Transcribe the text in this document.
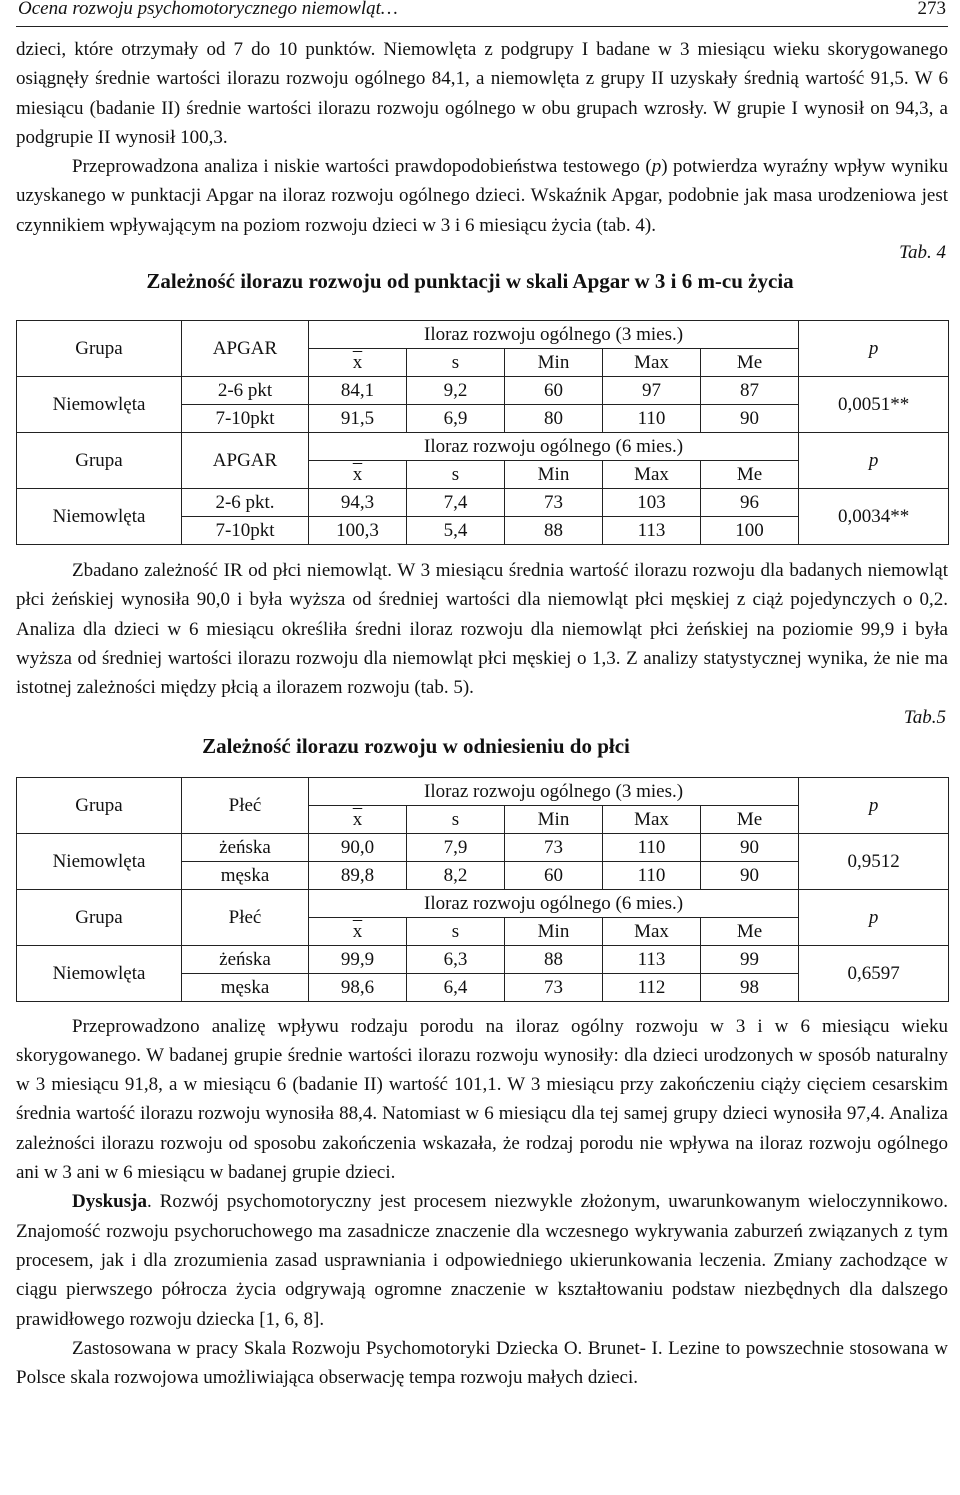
Ocena rozwoju psychomotorycznego niemowląt…	273

dzieci, które otrzymały od 7 do 10 punktów. Niemowlęta z podgrupy I badane w 3 miesiącu wieku skorygowanego osiągnęły średnie wartości ilorazu rozwoju ogólnego 84,1, a niemowlęta z grupy II uzyskały średnią wartość 91,5. W 6 miesiącu (badanie II) średnie wartości ilorazu rozwoju ogólnego w obu grupach wzrosły. W grupie I wynosił on 94,3, a podgrupie II wynosił 100,3.

Przeprowadzona analiza i niskie wartości prawdopodobieństwa testowego (p) potwierdza wyraźny wpływ wyniku uzyskanego w punktacji Apgar na iloraz rozwoju ogólnego dzieci. Wskaźnik Apgar, podobnie jak masa urodzeniowa jest czynnikiem wpływającym na poziom rozwoju dzieci w 3 i 6 miesiącu życia (tab. 4).

Tab. 4
Zależność ilorazu rozwoju od punktacji w skali Apgar w 3 i 6 m-cu życia
Grupa	APGAR	Iloraz rozwoju ogólnego (3 mies.)					p
		$\overline{x}$	s	Min	Max	Me	
Niemowlęta	2-6 pkt	84,1	9,2	60	97	87	0,0051**
	7-10pkt	91,5	6,9	80	110	90	
Grupa	APGAR	Iloraz rozwoju ogólnego (6 mies.)					p
		$\overline{x}$	s	Min	Max	Me	
Niemowlęta	2-6 pkt.	94,3	7,4	73	103	96	0,0034**
	7-10pkt	100,3	5,4	88	113	100	

Zbadano zależność IR od płci niemowląt. W 3 miesiącu średnia wartość ilorazu rozwoju dla badanych niemowląt płci żeńskiej wynosiła 90,0 i była wyższa od średniej wartości dla niemowląt płci męskiej z ciąż pojedynczych o 0,2. Analiza dla dzieci w 6 miesiącu określiła średni iloraz rozwoju dla niemowląt płci żeńskiej na poziomie 99,9 i była wyższa od średniej wartości ilorazu rozwoju dla niemowląt płci męskiej o 1,3. Z analizy statystycznej wynika, że nie ma istotnej zależności między płcią a ilorazem rozwoju (tab. 5).

Tab.5
Zależność ilorazu rozwoju w odniesieniu do płci
Grupa	Płeć	Iloraz rozwoju ogólnego (3 mies.)					p
		$\overline{x}$	s	Min	Max	Me	
Niemowlęta	żeńska	90,0	7,9	73	110	90	0,9512
	męska	89,8	8,2	60	110	90	
Grupa	Płeć	Iloraz rozwoju ogólnego (6 mies.)					p
		$\overline{x}$	s	Min	Max	Me	
Niemowlęta	żeńska	99,9	6,3	88	113	99	0,6597
	męska	98,6	6,4	73	112	98	

Przeprowadzono analizę wpływu rodzaju porodu na iloraz ogólny rozwoju w 3 i w 6 miesiącu wieku skorygowanego. W badanej grupie średnie wartości ilorazu rozwoju wynosiły: dla dzieci urodzonych w sposób naturalny w 3 miesiącu 91,8, a w miesiącu 6 (badanie II) wartość 101,1. W 3 miesiącu przy zakończeniu ciąży cięciem cesarskim średnia wartość ilorazu rozwoju wynosiła 88,4. Natomiast w 6 miesiącu dla tej samej grupy dzieci wynosiła 97,4. Analiza zależności ilorazu rozwoju od sposobu zakończenia wskazała, że rodzaj porodu nie wpływa na iloraz rozwoju ogólnego ani w 3 ani w 6 miesiącu w badanej grupie dzieci.

Dyskusja. Rozwój psychomotoryczny jest procesem niezwykle złożonym, uwarunkowanym wieloczynnikowo. Znajomość rozwoju psychoruchowego ma zasadnicze znaczenie dla wczesnego wykrywania zaburzeń związanych z tym procesem, jak i dla zrozumienia zasad usprawniania i odpowiedniego ukierunkowania leczenia. Zmiany zachodzące w ciągu pierwszego półrocza życia odgrywają ogromne znaczenie w kształtowaniu podstaw niezbędnych dla dalszego prawidłowego rozwoju dziecka [1, 6, 8].

Zastosowana w pracy Skala Rozwoju Psychomotoryki Dziecka O. Brunet- I. Lezine to powszechnie stosowana w Polsce skala rozwojowa umożliwiająca obserwację tempa rozwoju małych dzieci.
